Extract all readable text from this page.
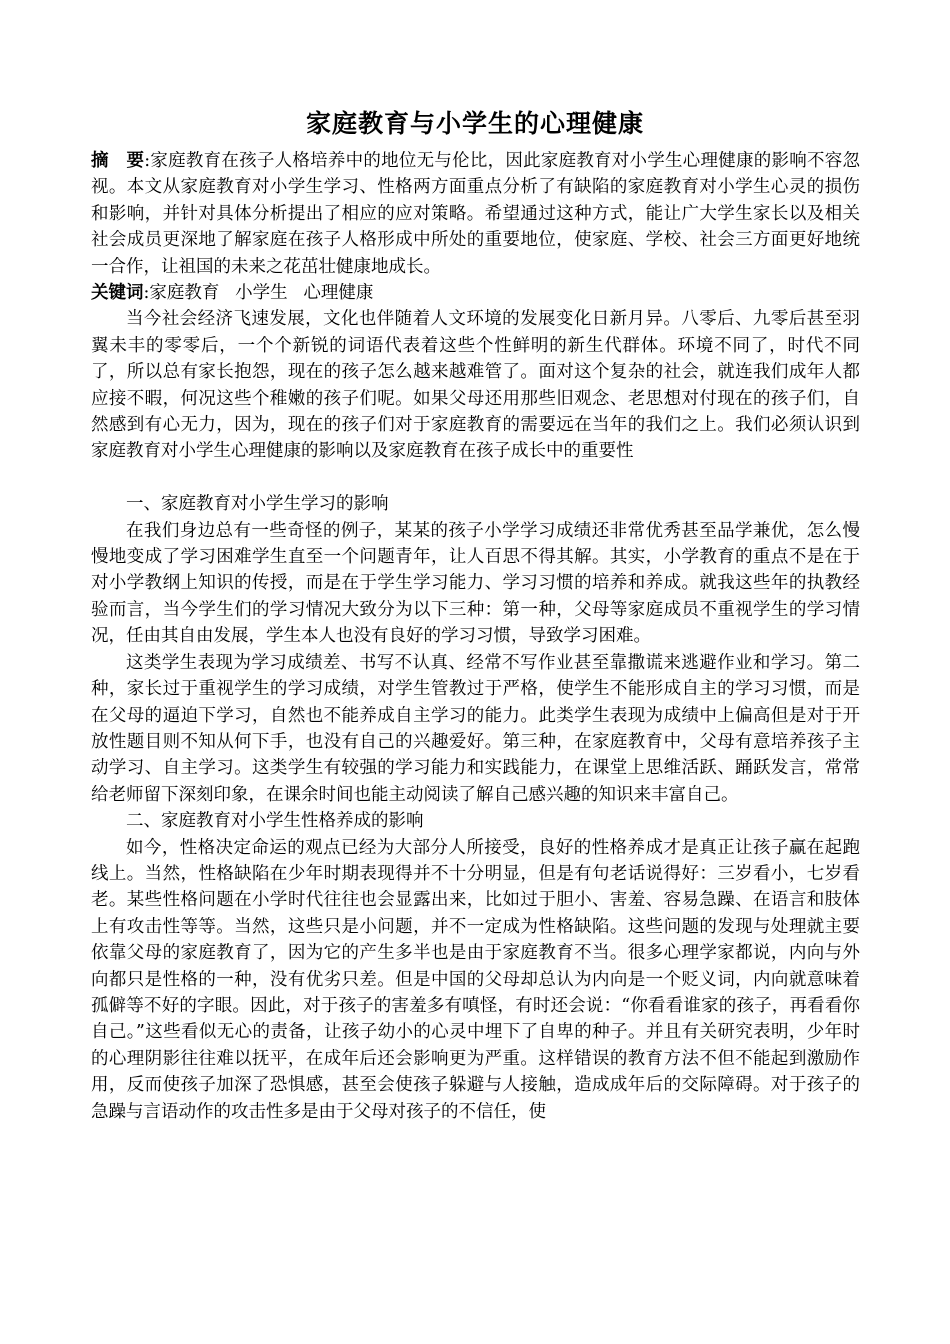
家庭教育与小学生的心理健康

摘　要:家庭教育在孩子人格培养中的地位无与伦比，因此家庭教育对小学生心理健康的影响不容忽视。本文从家庭教育对小学生学习、性格两方面重点分析了有缺陷的家庭教育对小学生心灵的损伤和影响，并针对具体分析提出了相应的应对策略。希望通过这种方式，能让广大学生家长以及相关社会成员更深地了解家庭在孩子人格形成中所处的重要地位，使家庭、学校、社会三方面更好地统一合作，让祖国的未来之花茁壮健康地成长。

关键词:家庭教育 小学生 心理健康

当今社会经济飞速发展，文化也伴随着人文环境的发展变化日新月异。八零后、九零后甚至羽翼未丰的零零后，一个个新锐的词语代表着这些个性鲜明的新生代群体。环境不同了，时代不同了，所以总有家长抱怨，现在的孩子怎么越来越难管了。面对这个复杂的社会，就连我们成年人都应接不暇，何况这些个稚嫩的孩子们呢。如果父母还用那些旧观念、老思想对付现在的孩子们，自然感到有心无力，因为，现在的孩子们对于家庭教育的需要远在当年的我们之上。我们必须认识到家庭教育对小学生心理健康的影响以及家庭教育在孩子成长中的重要性

一、家庭教育对小学生学习的影响

在我们身边总有一些奇怪的例子，某某的孩子小学学习成绩还非常优秀甚至品学兼优，怎么慢慢地变成了学习困难学生直至一个问题青年，让人百思不得其解。其实，小学教育的重点不是在于对小学教纲上知识的传授，而是在于学生学习能力、学习习惯的培养和养成。就我这些年的执教经验而言，当今学生们的学习情况大致分为以下三种：第一种，父母等家庭成员不重视学生的学习情况，任由其自由发展，学生本人也没有良好的学习习惯，导致学习困难。

这类学生表现为学习成绩差、书写不认真、经常不写作业甚至靠撒谎来逃避作业和学习。第二种，家长过于重视学生的学习成绩，对学生管教过于严格，使学生不能形成自主的学习习惯，而是在父母的逼迫下学习，自然也不能养成自主学习的能力。此类学生表现为成绩中上偏高但是对于开放性题目则不知从何下手，也没有自己的兴趣爱好。第三种，在家庭教育中，父母有意培养孩子主动学习、自主学习。这类学生有较强的学习能力和实践能力，在课堂上思维活跃、踊跃发言，常常给老师留下深刻印象，在课余时间也能主动阅读了解自己感兴趣的知识来丰富自己。

二、家庭教育对小学生性格养成的影响

如今，性格决定命运的观点已经为大部分人所接受，良好的性格养成才是真正让孩子赢在起跑线上。当然，性格缺陷在少年时期表现得并不十分明显，但是有句老话说得好：三岁看小，七岁看老。某些性格问题在小学时代往往也会显露出来，比如过于胆小、害羞、容易急躁、在语言和肢体上有攻击性等等。当然，这些只是小问题，并不一定成为性格缺陷。这些问题的发现与处理就主要依靠父母的家庭教育了，因为它的产生多半也是由于家庭教育不当。很多心理学家都说，内向与外向都只是性格的一种，没有优劣只差。但是中国的父母却总认为内向是一个贬义词，内向就意味着孤僻等不好的字眼。因此，对于孩子的害羞多有嗔怪，有时还会说：“你看看谁家的孩子，再看看你自己。”这些看似无心的责备，让孩子幼小的心灵中埋下了自卑的种子。并且有关研究表明，少年时的心理阴影往往难以抚平，在成年后还会影响更为严重。这样错误的教育方法不但不能起到激励作用，反而使孩子加深了恐惧感，甚至会使孩子躲避与人接触，造成成年后的交际障碍。对于孩子的急躁与言语动作的攻击性多是由于父母对孩子的不信任，使
